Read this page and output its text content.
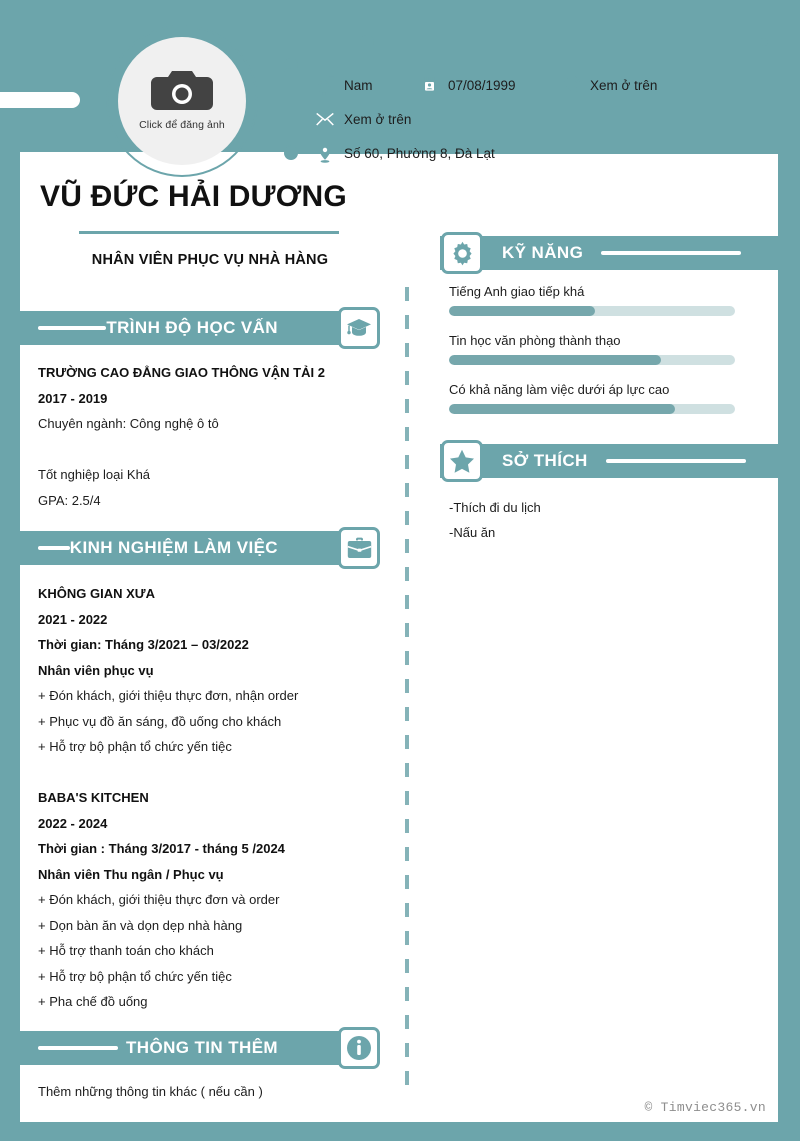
Click để đăng ảnh
Nam	07/08/1999	Xem ở trên
Xem ở trên
Số 60, Phường 8, Đà Lạt
VŨ ĐỨC HẢI DƯƠNG
NHÂN VIÊN PHỤC VỤ NHÀ HÀNG
TRÌNH ĐỘ HỌC VẤN
TRƯỜNG CAO ĐẲNG GIAO THÔNG VẬN TẢI 2
2017 - 2019
Chuyên ngành: Công nghệ ô tô

Tốt nghiệp loại Khá
GPA: 2.5/4
KINH NGHIỆM LÀM VIỆC
KHÔNG GIAN XƯA
2021 - 2022
Thời gian: Tháng 3/2021 – 03/2022
Nhân viên phục vụ
+ Đón khách, giới thiệu thực đơn, nhận order
+ Phục vụ đồ ăn sáng, đồ uống cho khách
+ Hỗ trợ bộ phận tổ chức yến tiệc

BABA'S KITCHEN
2022 - 2024
Thời gian : Tháng 3/2017 - tháng 5 /2024
Nhân viên Thu ngân / Phục vụ
+ Đón khách, giới thiệu thực đơn và order
+ Dọn bàn ăn và dọn dẹp nhà hàng
+ Hỗ trợ thanh toán cho khách
+ Hỗ trợ bộ phận tổ chức yến tiệc
+ Pha chế đồ uống
THÔNG TIN THÊM
Thêm những thông tin khác ( nếu cần )
KỸ NĂNG
Tiếng Anh giao tiếp khá
Tin học văn phòng thành thạo
Có khả năng làm việc dưới áp lực cao
SỞ THÍCH
-Thích đi du lịch
-Nấu ăn
© Timviec365.vn
